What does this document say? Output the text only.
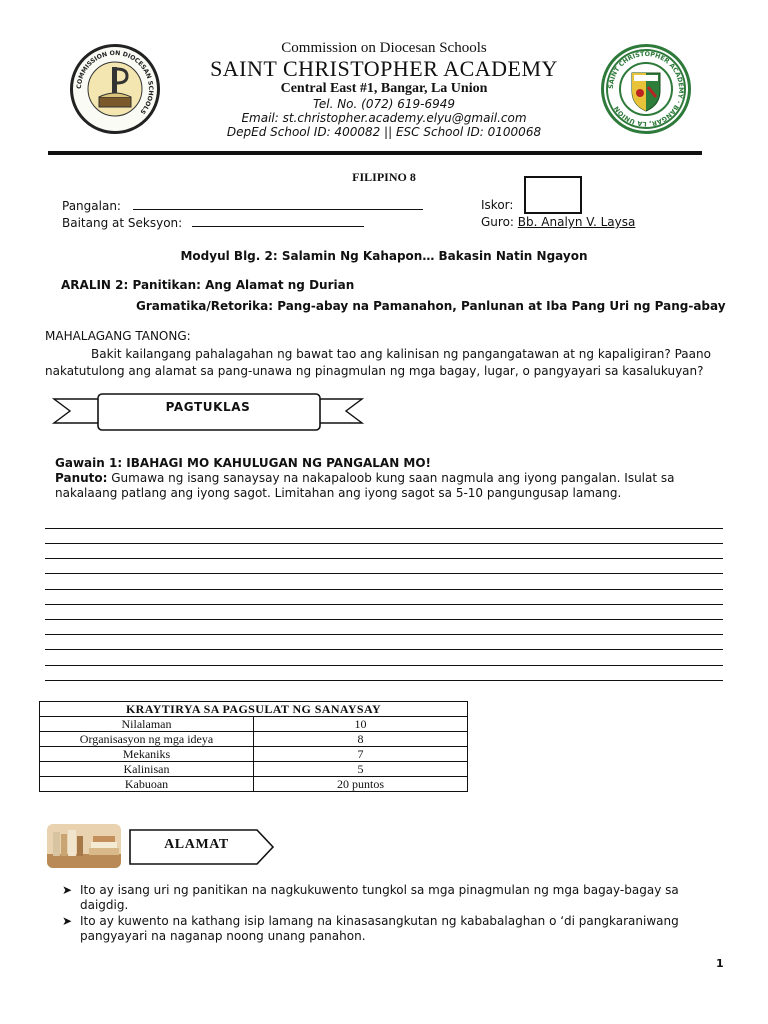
COMMISSION ON DIOCESAN SCHOOLS
SAINT CHRISTOPHER ACADEMY · BANGAR, LA UNION
Commission on Diocesan Schools
SAINT CHRISTOPHER ACADEMY
Central East #1, Bangar, La Union
Tel. No. (072) 619-6949
Email: st.christopher.academy.elyu@gmail.com
DepEd School ID: 400082 || ESC School ID: 0100068
FILIPINO 8
Pangalan:
Baitang at Seksyon:
Iskor:
Guro: Bb. Analyn V. Laysa
Modyul Blg. 2: Salamin Ng Kahapon… Bakasin Natin Ngayon
ARALIN 2: Panitikan: Ang Alamat ng Durian
Gramatika/Retorika: Pang-abay na Pamanahon, Panlunan at Iba Pang Uri ng Pang-abay
MAHALAGANG TANONG:
Bakit kailangang pahalagahan ng bawat tao ang kalinisan ng pangangatawan at ng kapaligiran? Paano nakatutulong ang alamat sa pang-unawa ng pinagmulan ng mga bagay, lugar, o pangyayari sa kasalukuyan?
PAGTUKLAS
Gawain 1: IBAHAGI MO KAHULUGAN NG PANGALAN MO!
Panuto: Gumawa ng isang sanaysay na nakapaloob kung saan nagmula ang iyong pangalan. Isulat sa nakalaang patlang ang iyong sagot. Limitahan ang iyong sagot sa 5-10 pangungusap lamang.
KRAYTIRYA SA PAGSULAT NG SANAYSAY	
Nilalaman	10
Organisasyon ng mga ideya	8
Mekaniks	7
Kalinisan	5
Kabuoan	20 puntos
ALAMAT
➤ Ito ay isang uri ng panitikan na nagkukuwento tungkol sa mga pinagmulan ng mga bagay-bagay sa daigdig.
➤ Ito ay kuwento na kathang isip lamang na kinasasangkutan ng kababalaghan o ‘di pangkaraniwang pangyayari na naganap noong unang panahon.
1
